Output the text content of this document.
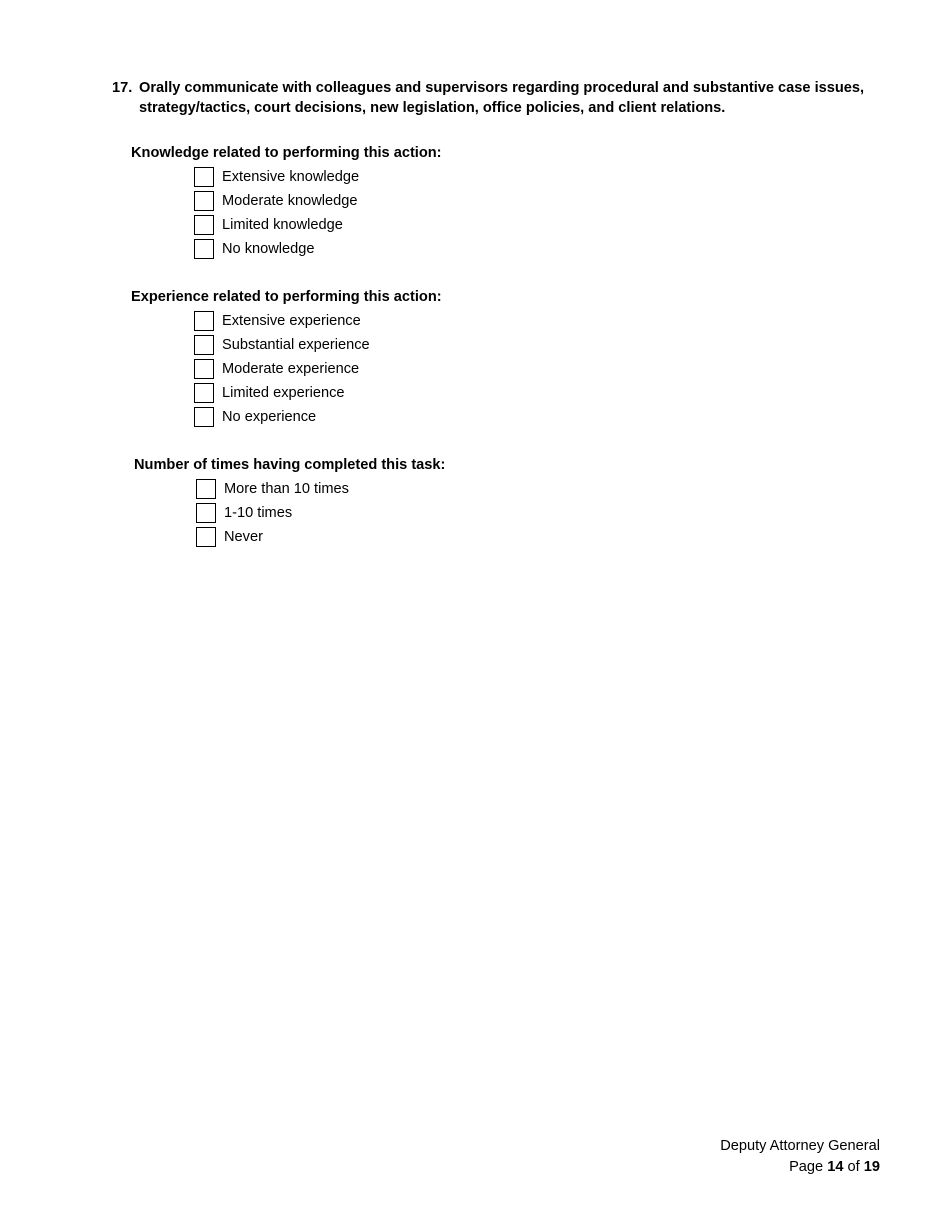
17. Orally communicate with colleagues and supervisors regarding procedural and substantive case issues, strategy/tactics, court decisions, new legislation, office policies, and client relations.
Knowledge related to performing this action:
Extensive knowledge
Moderate knowledge
Limited knowledge
No knowledge
Experience related to performing this action:
Extensive experience
Substantial experience
Moderate experience
Limited experience
No experience
Number of times having completed this task:
More than 10 times
1-10 times
Never
Deputy Attorney General
Page 14 of 19
